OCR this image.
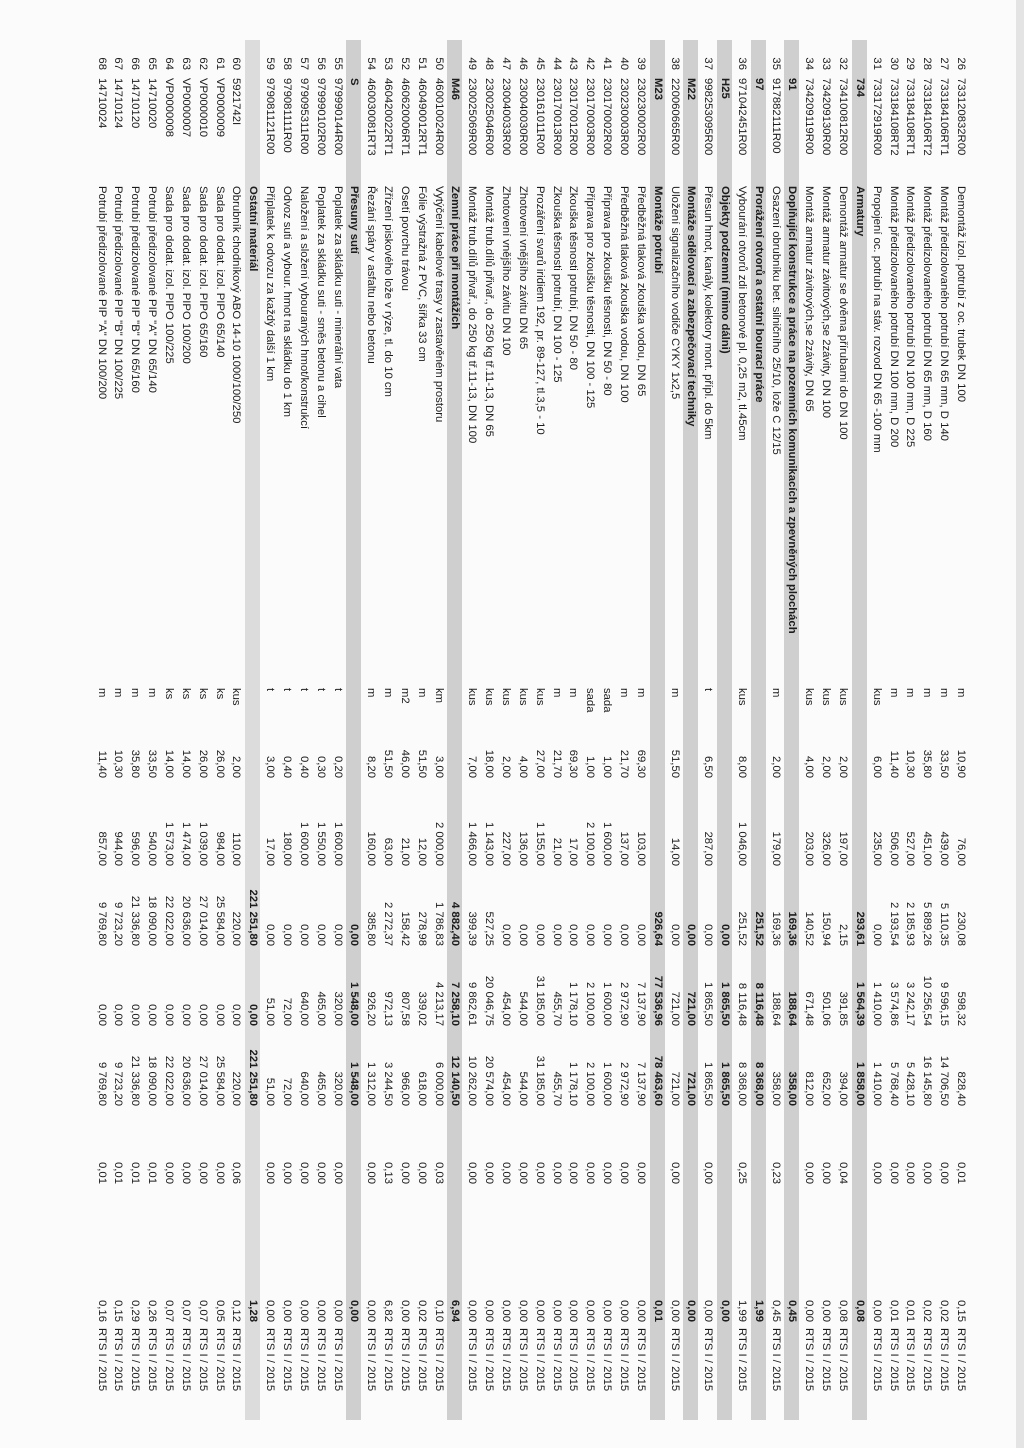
26
733120832R00
Demontáž izol. potrubí z oc. trubek DN 100
m
10,90
76,00
230,08
598,32
828,40
0,01
0,15
RTS I / 2015
27
733184106RT1
Montáž předizolovaného potrubí DN 65 mm, D 140
m
33,50
439,00
5 110,35
9 596,15
14 706,50
0,00
0,02
RTS I / 2015
28
733184106RT2
Montáž předizolovaného potrubí DN 65 mm, D 160
m
35,80
451,00
5 889,26
10 256,54
16 145,80
0,00
0,02
RTS I / 2015
29
733184108RT1
Montáž předizolovaného potrubí DN 100 mm, D 225
m
10,30
527,00
2 185,93
3 242,17
5 428,10
0,00
0,01
RTS I / 2015
30
733184108RT2
Montáž předizolovaného potrubí DN 100 mm, D 200
m
11,40
506,00
2 193,54
3 574,86
5 768,40
0,00
0,01
RTS I / 2015
31
733172919R00
Propojení oc. potrubí na stáv. rozvod DN 65 -100 mm
kus
6,00
235,00
0,00
1 410,00
1 410,00
0,00
0,00
RTS I / 2015
734
Armatury
293,61
1 564,39
1 858,00
0,08
32
734100812R00
Demontáž armatur se dvěma přírubami do DN 100
kus
2,00
197,00
2,15
391,85
394,00
0,04
0,08
RTS I / 2015
33
734209130R00
Montáž armatur závitových,se 2závity, DN 100
kus
2,00
326,00
150,94
501,06
652,00
0,00
0,00
RTS I / 2015
34
734209119R00
Montáž armatur závitových,se 2závity, DN 65
kus
4,00
203,00
140,52
671,48
812,00
0,00
0,00
RTS I / 2015
91
Doplňující konstrukce a práce na pozemních komunikacích a zpevněných plochách
169,36
188,64
358,00
0,45
35
917882111R00
Osazení obrubníku bet. silničního 25/10, lože C 12/15
m
2,00
179,00
169,36
188,64
358,00
0,23
0,45
RTS I / 2015
97
Prorážení otvorů a ostatní bourací práce
251,52
8 116,48
8 368,00
1,99
36
971042451R00
Vybourání otvorů zdi betonové pl. 0,25 m2, tl.45cm
kus
8,00
1 046,00
251,52
8 116,48
8 368,00
0,25
1,99
RTS I / 2015
H25
Objekty podzemní (mimo dálni)
0,00
1 865,50
1 865,50
0,00
37
998253095R00
Přesun hmot, kanály, kolektory mont. přípl. do 5km
t
6,50
287,00
0,00
1 865,50
1 865,50
0,00
0,00
RTS I / 2015
M22
Montáže sdělovací a zabezpečovací techniky
0,00
721,00
721,00
0,00
38
220060665R00
Uložení signalizačního vodiče CYKY 1x2,5
m
51,50
14,00
0,00
721,00
721,00
0,00
0,00
RTS I / 2015
M23
Montáže potrubí
926,64
77 536,96
78 463,60
0,01
39
230230002R00
Předběžná tlaková zkouška vodou, DN 65
m
69,30
103,00
0,00
7 137,90
7 137,90
0,00
0,00
RTS I / 2015
40
230230003R00
Předběžná tlaková zkouška vodou, DN 100
m
21,70
137,00
0,00
2 972,90
2 972,90
0,00
0,00
RTS I / 2015
41
230170002R00
Příprava pro zkoušku těsnosti, DN 50 - 80
sada
1,00
1 600,00
0,00
1 600,00
1 600,00
0,00
0,00
RTS I / 2015
42
230170003R00
Příprava pro zkoušku těsnosti, DN 100 - 125
sada
1,00
2 100,00
0,00
2 100,00
2 100,00
0,00
0,00
RTS I / 2015
43
230170012R00
Zkouška těsnosti potrubí, DN 50 - 80
m
69,30
17,00
0,00
1 178,10
1 178,10
0,00
0,00
RTS I / 2015
44
230170013R00
Zkouška těsnosti potrubí, DN 100 - 125
m
21,70
21,00
0,00
455,70
455,70
0,00
0,00
RTS I / 2015
45
230161011R00
Prozáření svarů iridiem 192, pr. 89-127, tl.3,5 - 10
kus
27,00
1 155,00
0,00
31 185,00
31 185,00
0,00
0,00
RTS I / 2015
46
230040030R00
Zhotovení vnějšího závitu DN 65
kus
4,00
136,00
0,00
544,00
544,00
0,00
0,00
RTS I / 2015
47
230040033R00
Zhotovení vnějšího závitu DN 100
kus
2,00
227,00
0,00
454,00
454,00
0,00
0,00
RTS I / 2015
48
230025046R00
Montáž trub.dílů přivař., do 250 kg tř.11-13, DN 65
kus
18,00
1 143,00
527,25
20 046,75
20 574,00
0,00
0,00
RTS I / 2015
49
230025069R00
Montáž trub.dílů přivař., do 250 kg tř.11-13, DN 100
kus
7,00
1 466,00
399,39
9 862,61
10 262,00
0,00
0,00
RTS I / 2015
M46
Zemní práce při montážích
4 882,40
7 258,10
12 140,50
6,94
50
460010024R00
Vytýčení kabelové trasy v zastavěném prostoru
km
3,00
2 000,00
1 786,83
4 213,17
6 000,00
0,03
0,10
RTS I / 2015
51
460490012RT1
Fólie výstražná z PVC, šířka 33 cm
m
51,50
12,00
278,98
339,02
618,00
0,00
0,02
RTS I / 2015
52
460620006RT1
Osetí povrchu trávou
m2
46,00
21,00
158,42
807,58
966,00
0,00
0,00
RTS I / 2015
53
460420022RT1
Zřízení piskového lože v rýze, tl. do 10 cm
m
51,50
63,00
2 272,37
972,13
3 244,50
0,13
6,82
RTS I / 2015
54
460030081RT3
Řezání spáry v asfaltu nebo betonu
m
8,20
160,00
385,80
926,20
1 312,00
0,00
0,00
RTS I / 2015
S
Přesuny sutí
0,00
1 548,00
1 548,00
0,00
55
979990144R00
Poplatek za skládku suti - minerální vata
t
0,20
1 600,00
0,00
320,00
320,00
0,00
0,00
RTS I / 2015
56
979990102R00
Poplatek za skládku suti - směs betonu a cihel
t
0,30
1 550,00
0,00
465,00
465,00
0,00
0,00
RTS I / 2015
57
979095311R00
Naložení a složení vybouraných hmot/konstrukcí
t
0,40
1 600,00
0,00
640,00
640,00
0,00
0,00
RTS I / 2015
58
979081111R00
Odvoz suti a vybour. hmot na skládku do 1 km
t
0,40
180,00
0,00
72,00
72,00
0,00
0,00
RTS I / 2015
59
979081121R00
Příplatek k odvozu za každý další 1 km
t
3,00
17,00
0,00
51,00
51,00
0,00
0,00
RTS I / 2015
Ostatní materiál
221 251,80
0,00
221 251,80
1,28
60
5921742I
Obrubník chodníkový ABO 14-10 1000/100/250
kus
2,00
110,00
220,00
0,00
220,00
0,06
0,12
RTS I / 2015
61
VP0000009
Sada pro dodat. izol. PIPO 65/140
ks
26,00
984,00
25 584,00
0,00
25 584,00
0,00
0,05
RTS I / 2015
62
VP0000010
Sada pro dodat. izol. PIPO 65/160
ks
26,00
1 039,00
27 014,00
0,00
27 014,00
0,00
0,07
RTS I / 2015
63
VP0000007
Sada pro dodat. izol. PIPO 100/200
ks
14,00
1 474,00
20 636,00
0,00
20 636,00
0,00
0,07
RTS I / 2015
64
VP0000008
Sada pro dodat. izol. PIPO 100/225
ks
14,00
1 573,00
22 022,00
0,00
22 022,00
0,00
0,07
RTS I / 2015
65
14710020
Potrubí předizolované PIP "A" DN 65/140
m
33,50
540,00
18 090,00
0,00
18 090,00
0,01
0,26
RTS I / 2015
66
14710120
Potrubí předizolované PIP "B" DN 65/160
m
35,80
596,00
21 336,80
0,00
21 336,80
0,01
0,29
RTS I / 2015
67
14710124
Potrubí předizolované PIP "B" DN 100/225
m
10,30
944,00
9 723,20
0,00
9 723,20
0,01
0,15
RTS I / 2015
68
14710024
Potrubí předizolované PIP "A" DN 100/200
m
11,40
857,00
9 769,80
0,00
9 769,80
0,01
0,16
RTS I / 2015
